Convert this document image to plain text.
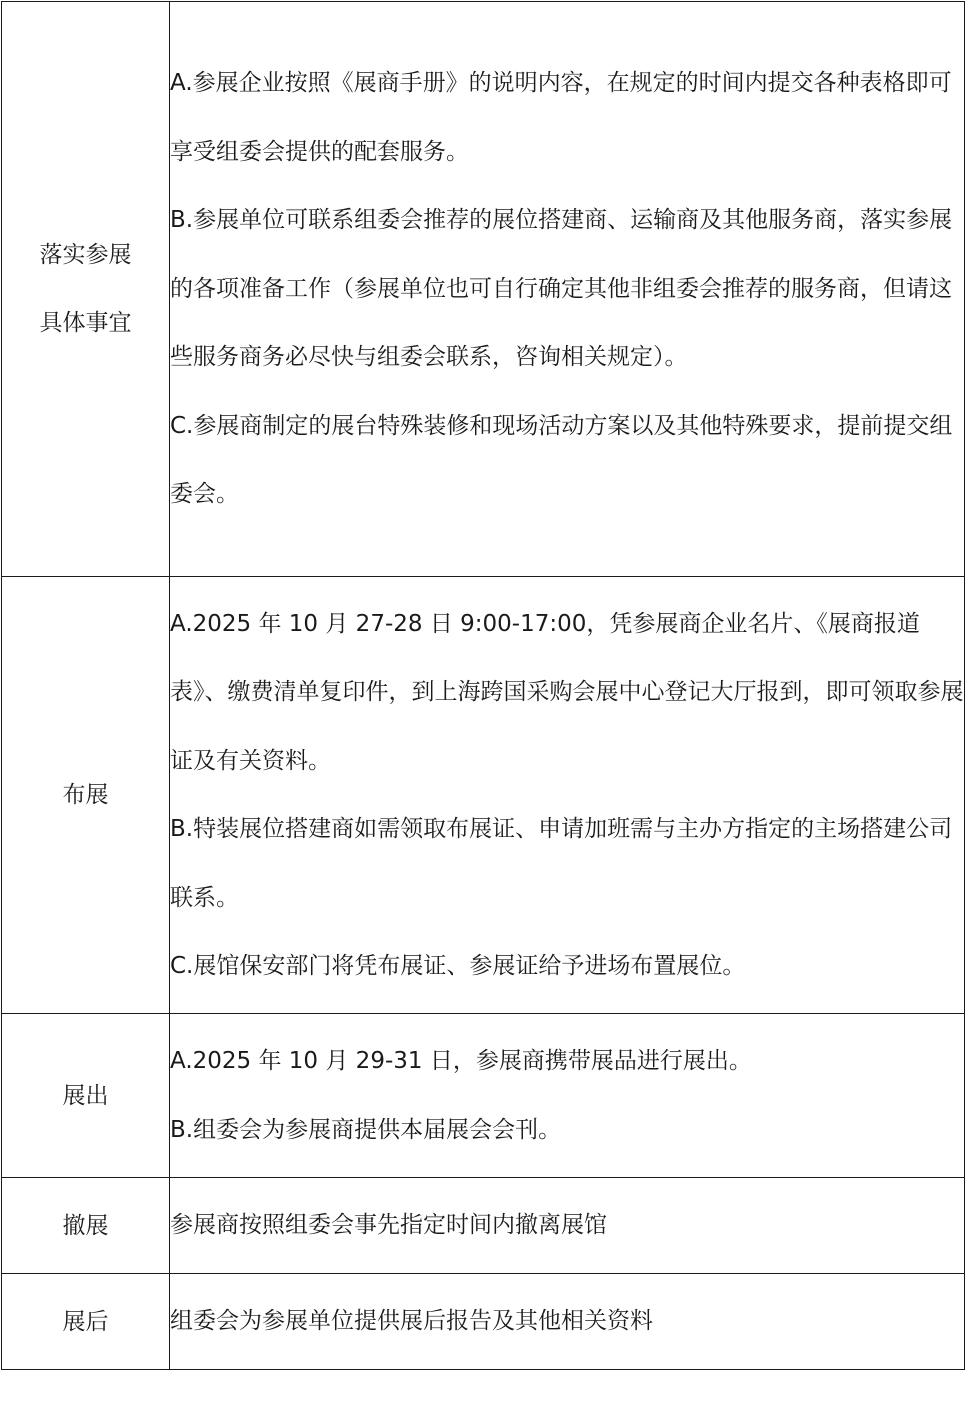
落实参展
具体事宜	A.参展企业按照《展商手册》的说明内容，在规定的时间内提交各种表格即可享受组委会提供的配套服务。
B.参展单位可联系组委会推荐的展位搭建商、运输商及其他服务商，落实参展的各项准备工作（参展单位也可自行确定其他非组委会推荐的服务商，但请这些服务商务必尽快与组委会联系，咨询相关规定）。
C.参展商制定的展台特殊装修和现场活动方案以及其他特殊要求，提前提交组委会。

布展	A.2025 年 10 月 27-28 日 9:00-17:00，凭参展商企业名片、《展商报道表》、缴费清单复印件，到上海跨国采购会展中心登记大厅报到，即可领取参展证及有关资料。
B.特装展位搭建商如需领取布展证、申请加班需与主办方指定的主场搭建公司联系。
C.展馆保安部门将凭布展证、参展证给予进场布置展位。

展出	A.2025 年 10 月 29-31 日，参展商携带展品进行展出。
B.组委会为参展商提供本届展会会刊。

撤展	参展商按照组委会事先指定时间内撤离展馆

展后	组委会为参展单位提供展后报告及其他相关资料
